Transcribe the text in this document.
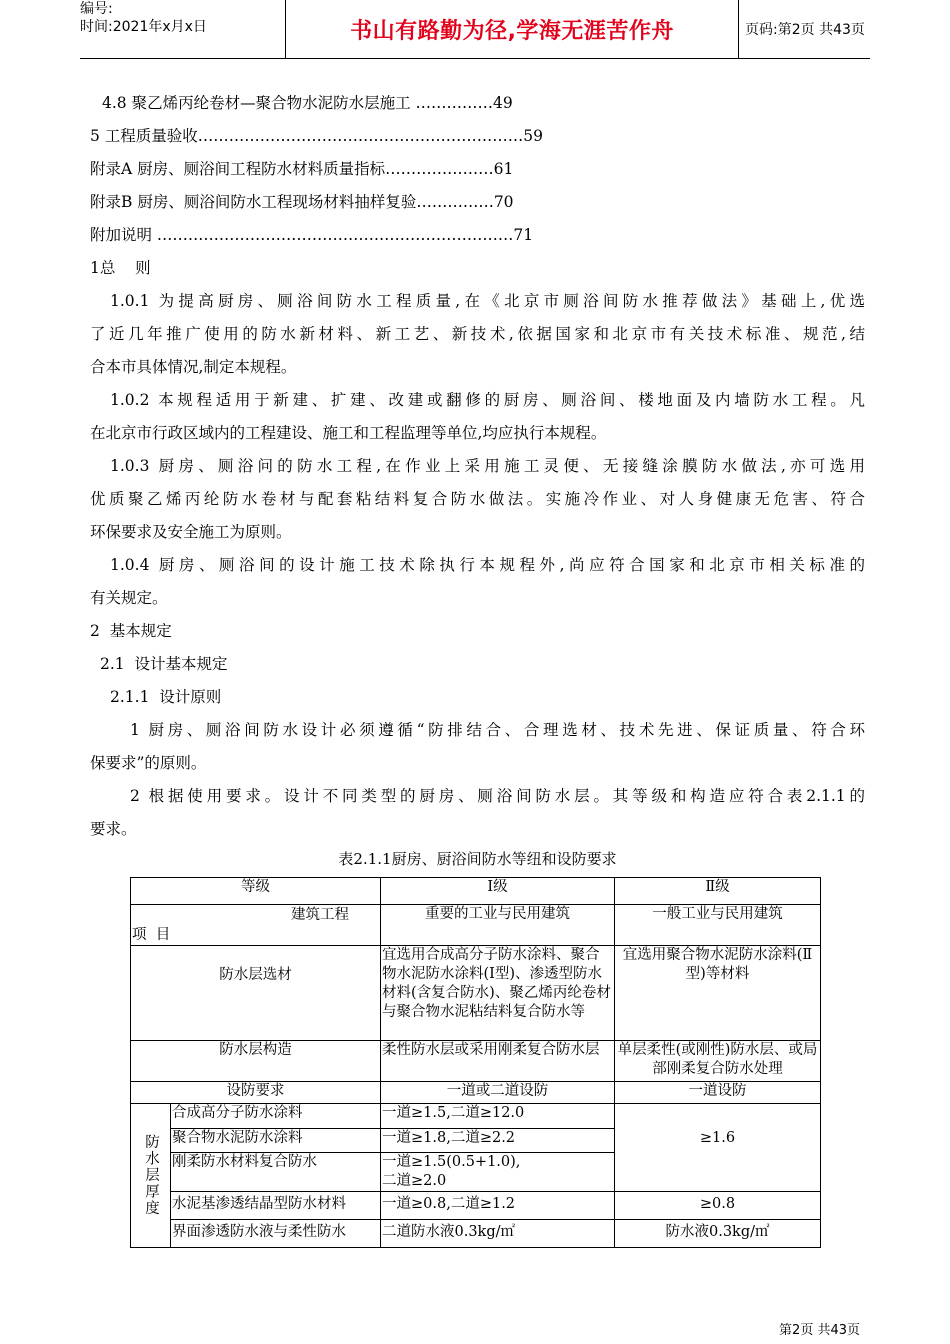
编号:
时间:2021年x月x日	书山有路勤为径,学海无涯苦作舟	页码:第2页 共43页
4.8 聚乙烯丙纶卷材—聚合物水泥防水层施工 ……………49
5 工程质量验收………………………………………………………59
附录A 厨房、厕浴间工程防水材料质量指标…………………61
附录B 厨房、厕浴间防水工程现场材料抽样复验……………70
附加说明 ……………………………………………………………71
1总    则
1.0.1 为提高厨房、厕浴间防水工程质量,在《北京市厕浴间防水推荐做法》基础上,优选
了近几年推广使用的防水新材料、新工艺、新技术,依据国家和北京市有关技术标准、规范,结
合本市具体情况,制定本规程。
1.0.2 本规程适用于新建、扩建、改建或翻修的厨房、厕浴间、楼地面及内墙防水工程。凡
在北京市行政区域内的工程建设、施工和工程监理等单位,均应执行本规程。
1.0.3 厨房、厕浴问的防水工程,在作业上采用施工灵便、无接缝涂膜防水做法,亦可选用
优质聚乙烯丙纶防水卷材与配套粘结料复合防水做法。实施冷作业、对人身健康无危害、符合
环保要求及安全施工为原则。
1.0.4 厨房、厕浴间的设计施工技术除执行本规程外,尚应符合国家和北京市相关标准的
有关规定。
2  基本规定
2.1  设计基本规定
2.1.1  设计原则
1 厨房、厕浴间防水设计必须遵循“防排结合、合理选材、技术先进、保证质量、符合环
保要求”的原则。
2 根据使用要求。设计不同类型的厨房、厕浴间防水层。其等级和构造应符合表2.1.1的
要求。
表2.1.1厨房、厨浴间防水等纽和设防要求
等级		Ⅰ级	Ⅱ级

建筑工程
项  目		重要的工业与民用建筑	一般工业与民用建筑
防水层选材		宜选用合成高分子防水涂料、聚合物水泥防水涂料(I型)、渗透型防水材料(含复合防水)、聚乙烯丙纶卷材与聚合物水泥粘结料复合防水等	宜选用聚合物水泥防水涂料(Ⅱ型)等材料
防水层构造		柔性防水层或采用刚柔复合防水层	单层柔性(或刚性)防水层、或局部刚柔复合防水处理
设防要求		一道或二道设防	一道设防
防水层厚度	合成高分子防水涂料	一道≥1.5,二道≥12.0	≥1.6
	聚合物水泥防水涂料	一道≥1.8,二道≥2.2	
	刚柔防水材料复合防水	一道≥1.5(0.5+1.0),
二道≥2.0	

	水泥基渗透结晶型防水材料	一道≥0.8,二道≥1.2	≥0.8
	界面渗透防水液与柔性防水	二道防水液0.3kg/㎡	防水液0.3kg/㎡
第2页 共43页
